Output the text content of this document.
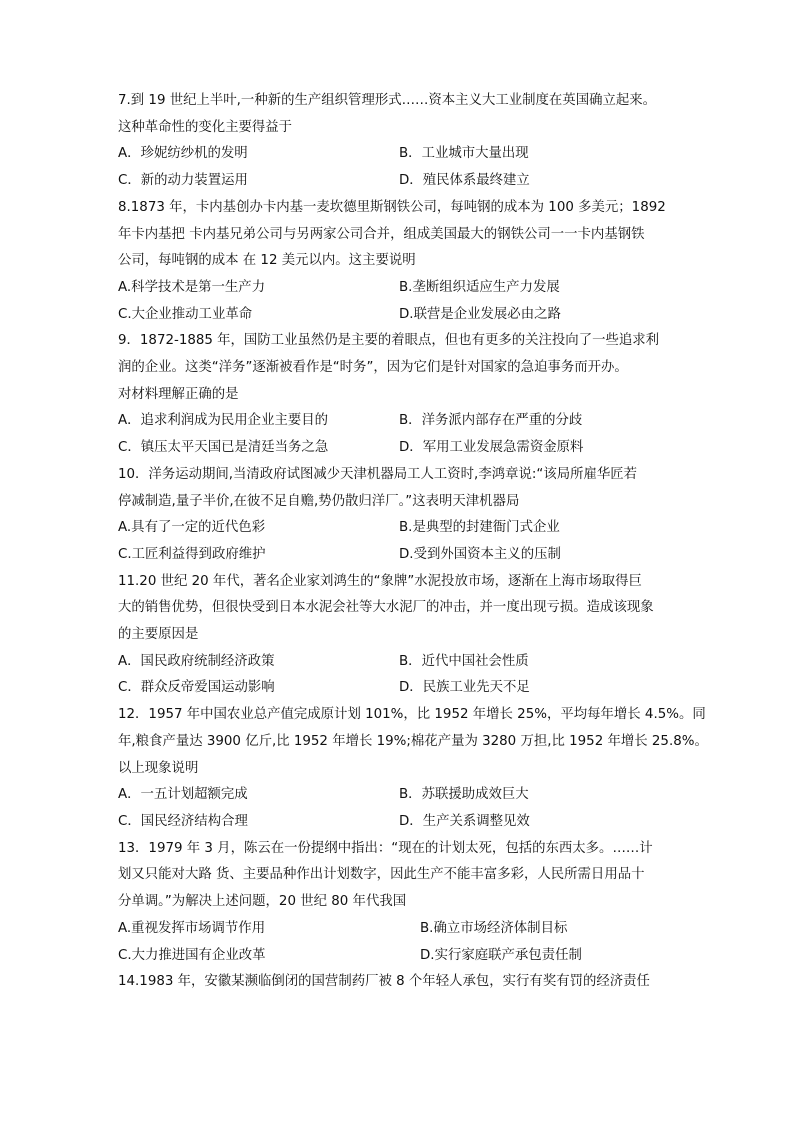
7.到 19 世纪上半叶,一种新的生产组织管理形式……资本主义大工业制度在英国确立起来。
这种革命性的变化主要得益于
A．珍妮纺纱机的发明	B．工业城市大量出现
C．新的动力装置运用	D．殖民体系最终建立
8.1873 年，卡内基创办卡内基一麦坎德里斯钢铁公司，每吨钢的成本为 100 多美元；1892
年卡内基把 卡内基兄弟公司与另两家公司合并，组成美国最大的钢铁公司一一卡内基钢铁
公司，每吨钢的成本 在 12 美元以内。这主要说明
A.科学技术是第一生产力	B.垄断组织适应生产力发展
C.大企业推动工业革命	D.联营是企业发展必由之路
9．1872-1885 年，国防工业虽然仍是主要的着眼点，但也有更多的关注投向了一些追求利
润的企业。这类“洋务”逐渐被看作是“时务”，因为它们是针对国家的急迫事务而开办。
对材料理解正确的是
A．追求利润成为民用企业主要目的	B．洋务派内部存在严重的分歧
C．镇压太平天国已是清廷当务之急	D．军用工业发展急需资金原料
10．洋务运动期间,当清政府试图减少天津机器局工人工资时,李鸿章说:“该局所雇华匠若
停减制造,量子半价,在彼不足自赡,势仍散归洋厂。”这表明天津机器局
A.具有了一定的近代色彩	B.是典型的封建衙门式企业
C.工匠利益得到政府维护	D.受到外国资本主义的压制
11.20 世纪 20 年代，著名企业家刘鸿生的“象牌”水泥投放市场，逐渐在上海市场取得巨
大的销售优势，但很快受到日本水泥会社等大水泥厂的冲击，并一度出现亏损。造成该现象
的主要原因是
A．国民政府统制经济政策	B．近代中国社会性质
C．群众反帝爱国运动影响	D．民族工业先天不足
12．1957 年中国农业总产值完成原计划 101%，比 1952 年增长 25%，平均每年增长 4.5%。同
年,粮食产量达 3900 亿斤,比 1952 年增长 19%;棉花产量为 3280 万担,比 1952 年增长 25.8%。
以上现象说明
A．一五计划超额完成	B．苏联援助成效巨大
C．国民经济结构合理	D．生产关系调整见效
13．1979 年 3 月，陈云在一份提纲中指出：“现在的计划太死，包括的东西太多。……计
划又只能对大路 货、主要品种作出计划数字，因此生产不能丰富多彩，人民所需日用品十
分单调。”为解决上述问题，20 世纪 80 年代我国
A.重视发挥市场调节作用	B.确立市场经济体制目标
C.大力推进国有企业改革	D.实行家庭联产承包责任制
14.1983 年，安徽某濒临倒闭的国营制药厂被 8 个年轻人承包，实行有奖有罚的经济责任
